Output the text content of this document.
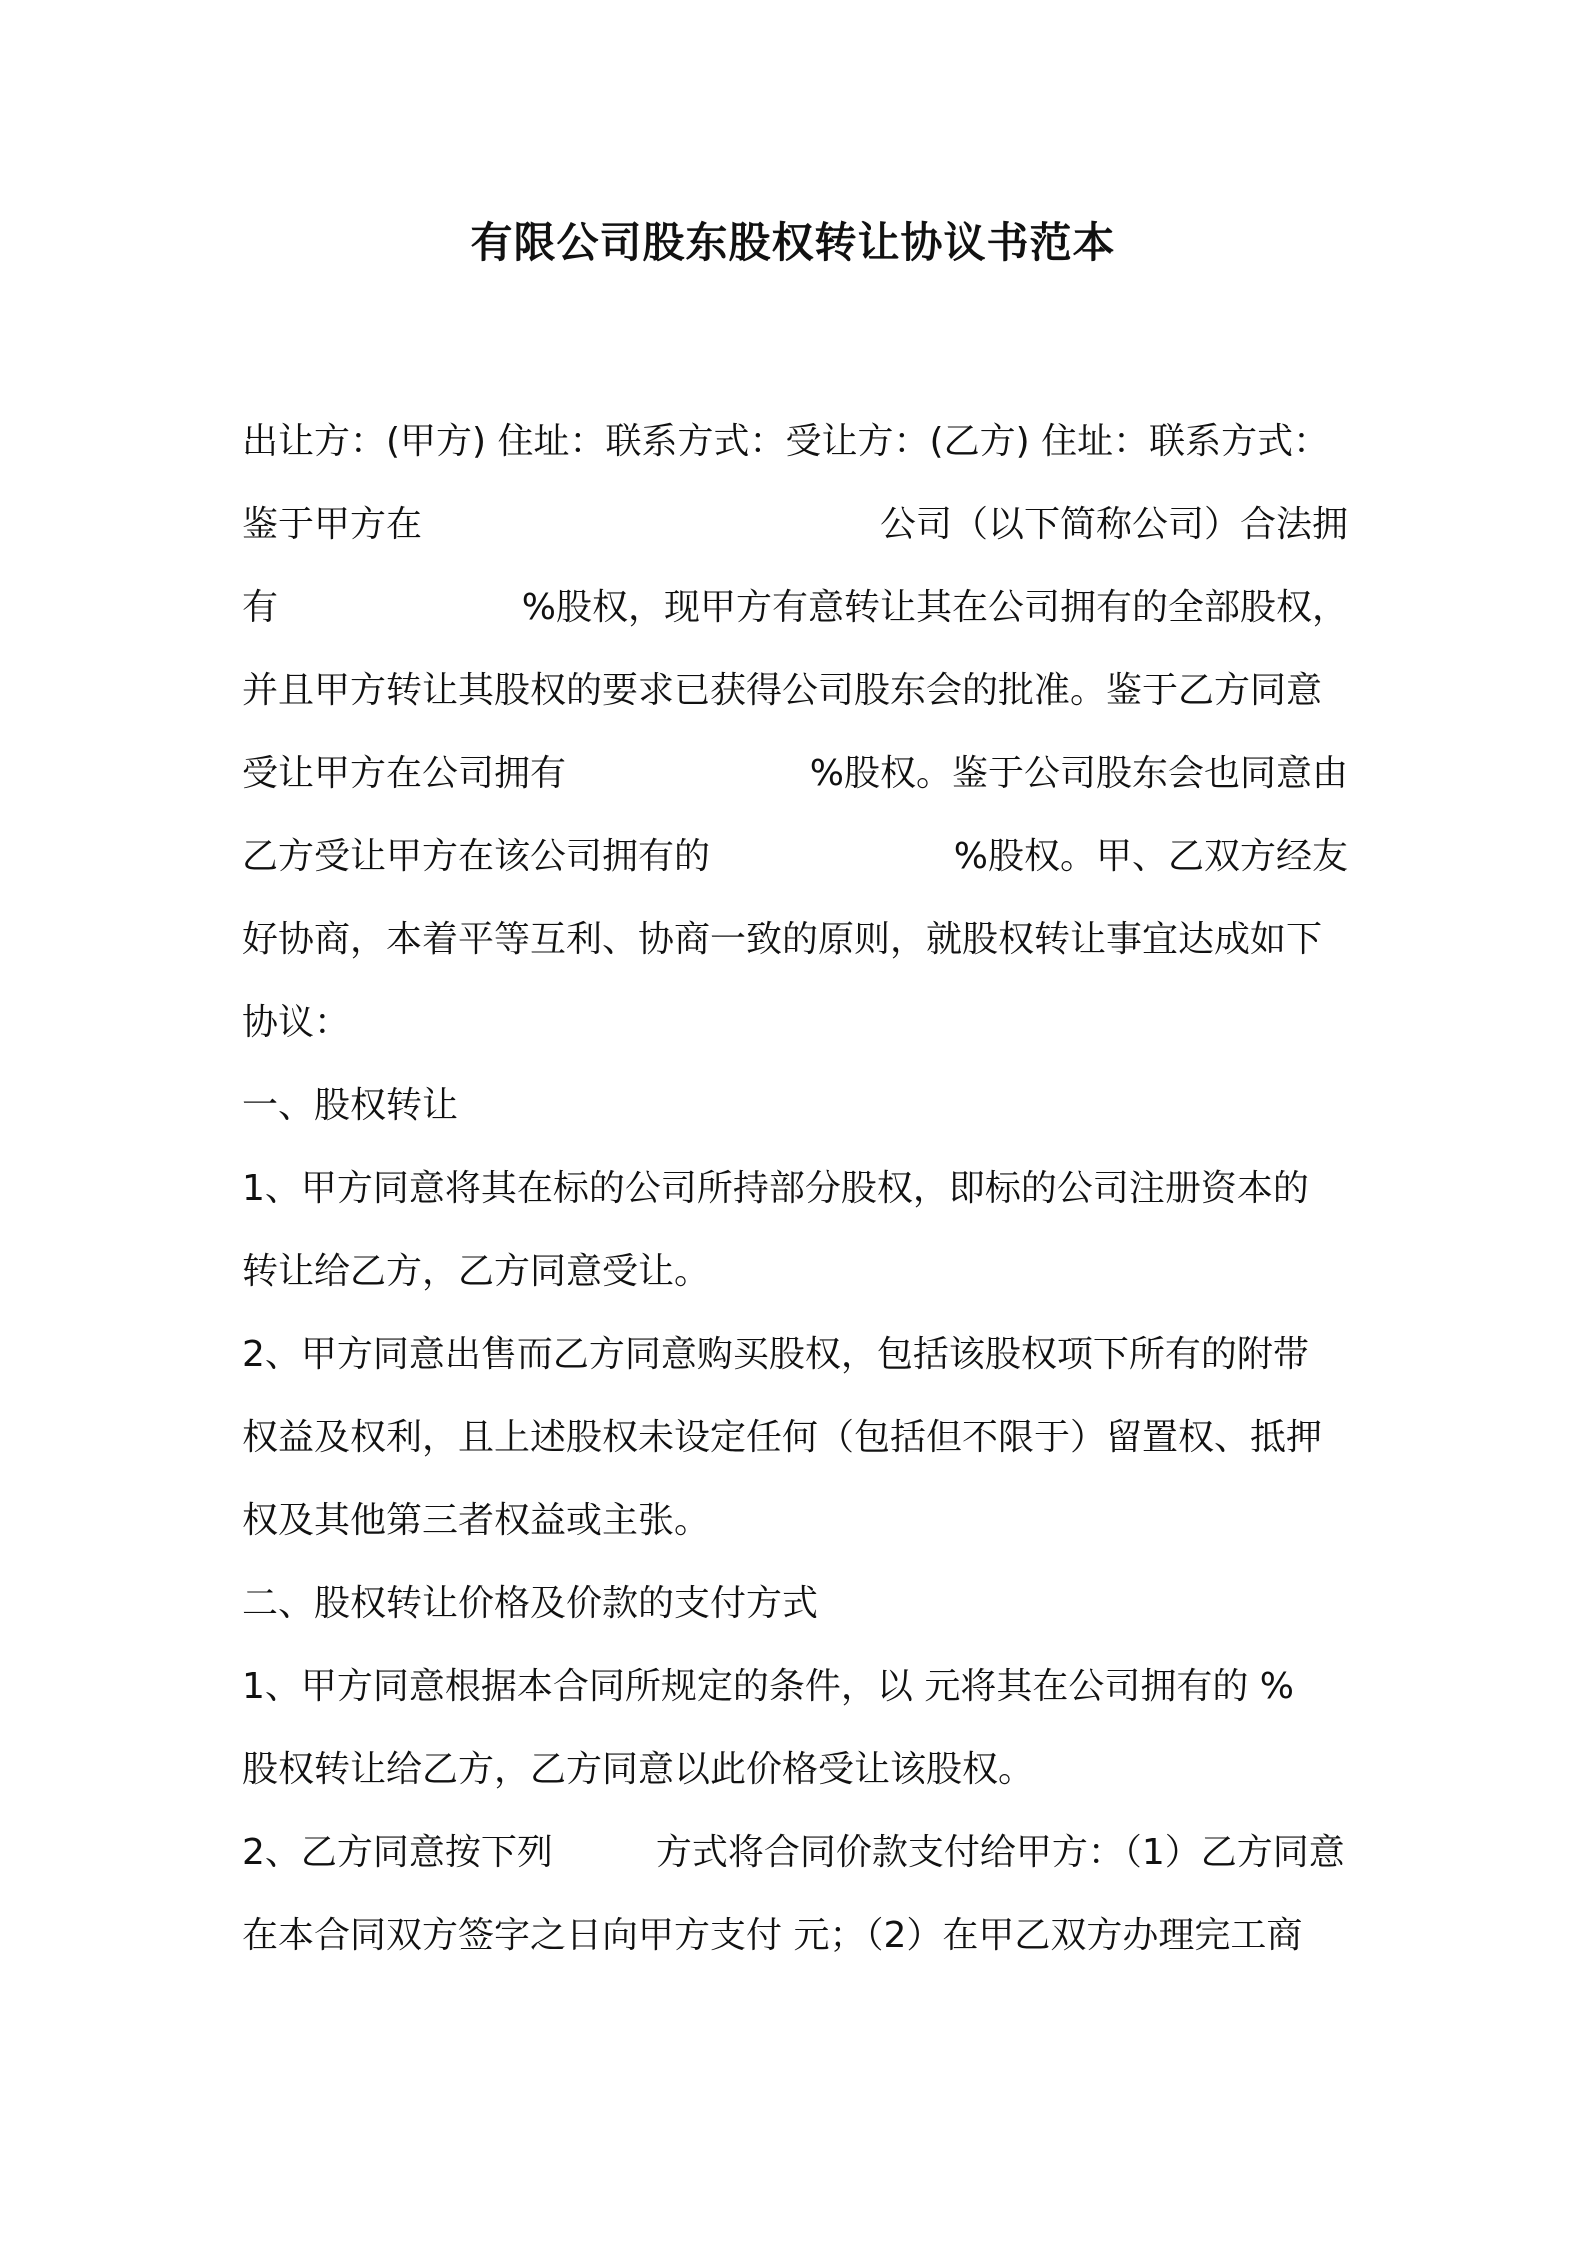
有限公司股东股权转让协议书范本
出让方：(甲方) 住址：联系方式：受让方：(乙方) 住址：联系方式：
鉴于甲方在	公司（以下简称公司）合法拥
有	%股权，现甲方有意转让其在公司拥有的全部股权，
并且甲方转让其股权的要求已获得公司股东会的批准。鉴于乙方同意
受让甲方在公司拥有	%股权。鉴于公司股东会也同意由
乙方受让甲方在该公司拥有的	%股权。甲、乙双方经友
好协商，本着平等互利、协商一致的原则，就股权转让事宜达成如下
协议：
一、股权转让
1、甲方同意将其在标的公司所持部分股权，即标的公司注册资本的
转让给乙方，乙方同意受让。
2、甲方同意出售而乙方同意购买股权，包括该股权项下所有的附带
权益及权利，且上述股权未设定任何（包括但不限于）留置权、抵押
权及其他第三者权益或主张。
二、股权转让价格及价款的支付方式
1、甲方同意根据本合同所规定的条件，以 元将其在公司拥有的 %
股权转让给乙方，乙方同意以此价格受让该股权。
2、乙方同意按下列	方式将合同价款支付给甲方：（1）乙方同意
在本合同双方签字之日向甲方支付 元；（2）在甲乙双方办理完工商
